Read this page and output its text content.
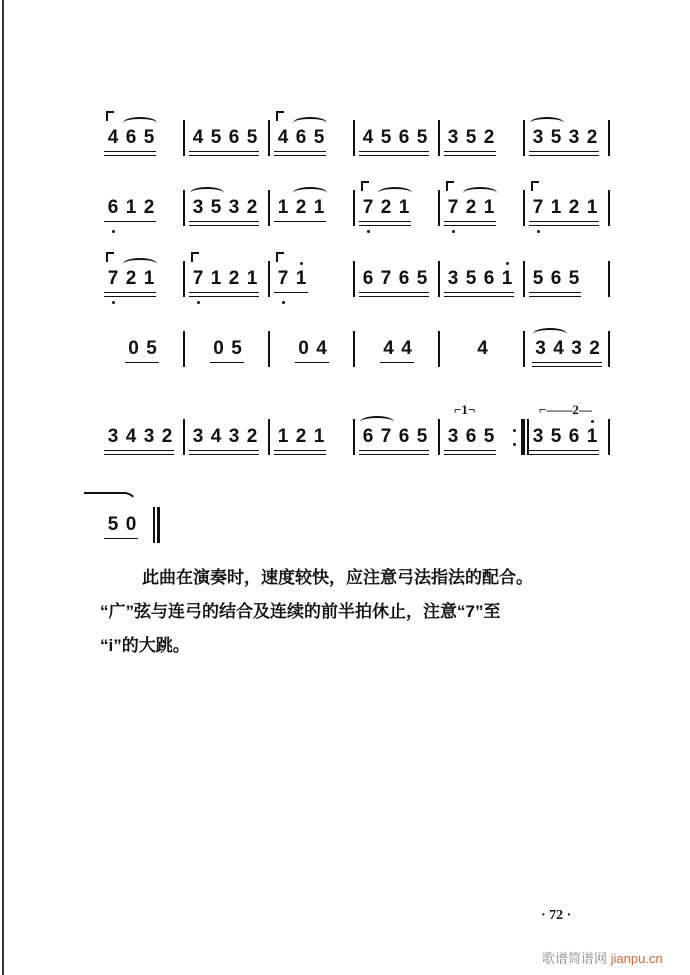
4 6 5 4 5 6 5 4 6 5 4 5 6 5 3 5 2 3 5 3 2
6 1 2 3 5 3 2 1 2 1 7 2 1 7 2 1 7 1 2 1
7 2 1 7 1 2 1 7 1	6 7 6 5 3 5 6 1 5 6 5
0 5	0 5	0 4	4 4	4 3 4 3 2
3 4 3 2 3 4 3 2 1 2 1 6 7 6 5 3 6 5
⌐1¬
3 5 6 1
⌐——2—
5 0
此曲在演奏时，速度较快，应注意弓法指法的配合。
“广”弦与连弓的结合及连续的前半拍休止，注意“7”至
“i”的大跳。
· 72 ·
歌谱简谱网 jianpu.cn
